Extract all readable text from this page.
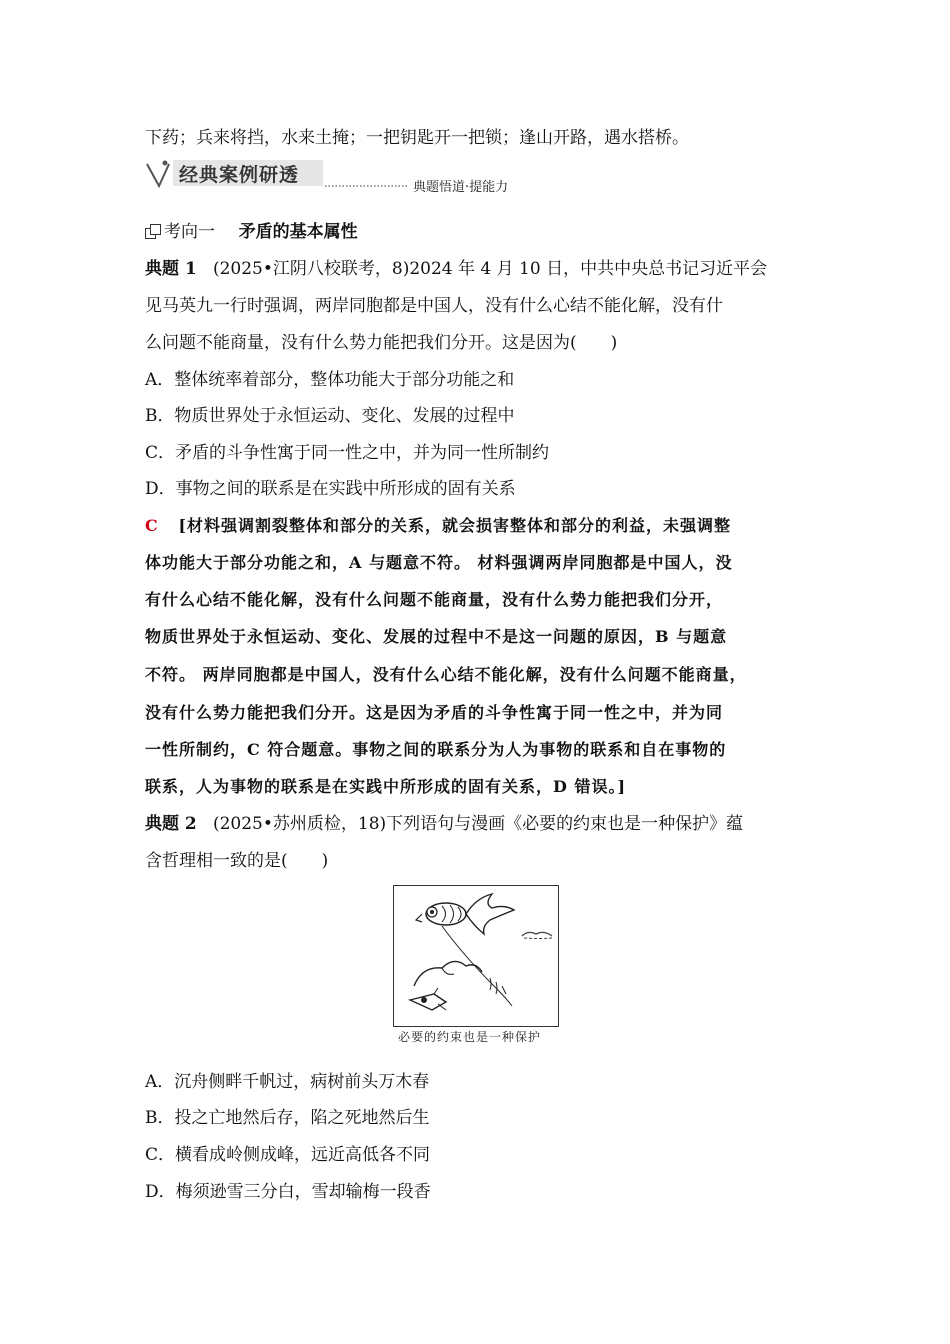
下药；兵来将挡，水来土掩；一把钥匙开一把锁；逢山开路，遇水搭桥。
经典案例研透
典题悟道·提能力
考向一 矛盾的基本属性
典题 1 (2025•江阴八校联考，8)2024 年 4 月 10 日，中共中央总书记习近平会
见马英九一行时强调，两岸同胞都是中国人，没有什么心结不能化解，没有什
么问题不能商量，没有什么势力能把我们分开。这是因为(　　)
A．整体统率着部分，整体功能大于部分功能之和
B．物质世界处于永恒运动、变化、发展的过程中
C．矛盾的斗争性寓于同一性之中，并为同一性所制约
D．事物之间的联系是在实践中所形成的固有关系
C [材料强调割裂整体和部分的关系，就会损害整体和部分的利益，未强调整
体功能大于部分功能之和，A 与题意不符。 材料强调两岸同胞都是中国人，没
有什么心结不能化解，没有什么问题不能商量，没有什么势力能把我们分开，
物质世界处于永恒运动、变化、发展的过程中不是这一问题的原因，B 与题意
不符。 两岸同胞都是中国人，没有什么心结不能化解，没有什么问题不能商量，
没有什么势力能把我们分开。这是因为矛盾的斗争性寓于同一性之中，并为同
一性所制约，C 符合题意。事物之间的联系分为人为事物的联系和自在事物的
联系，人为事物的联系是在实践中所形成的固有关系，D 错误。]
典题 2 (2025•苏州质检，18)下列语句与漫画《必要的约束也是一种保护》蕴
含哲理相一致的是(　　)
必要的约束也是一种保护
A．沉舟侧畔千帆过，病树前头万木春
B．投之亡地然后存，陷之死地然后生
C．横看成岭侧成峰，远近高低各不同
D．梅须逊雪三分白，雪却输梅一段香
